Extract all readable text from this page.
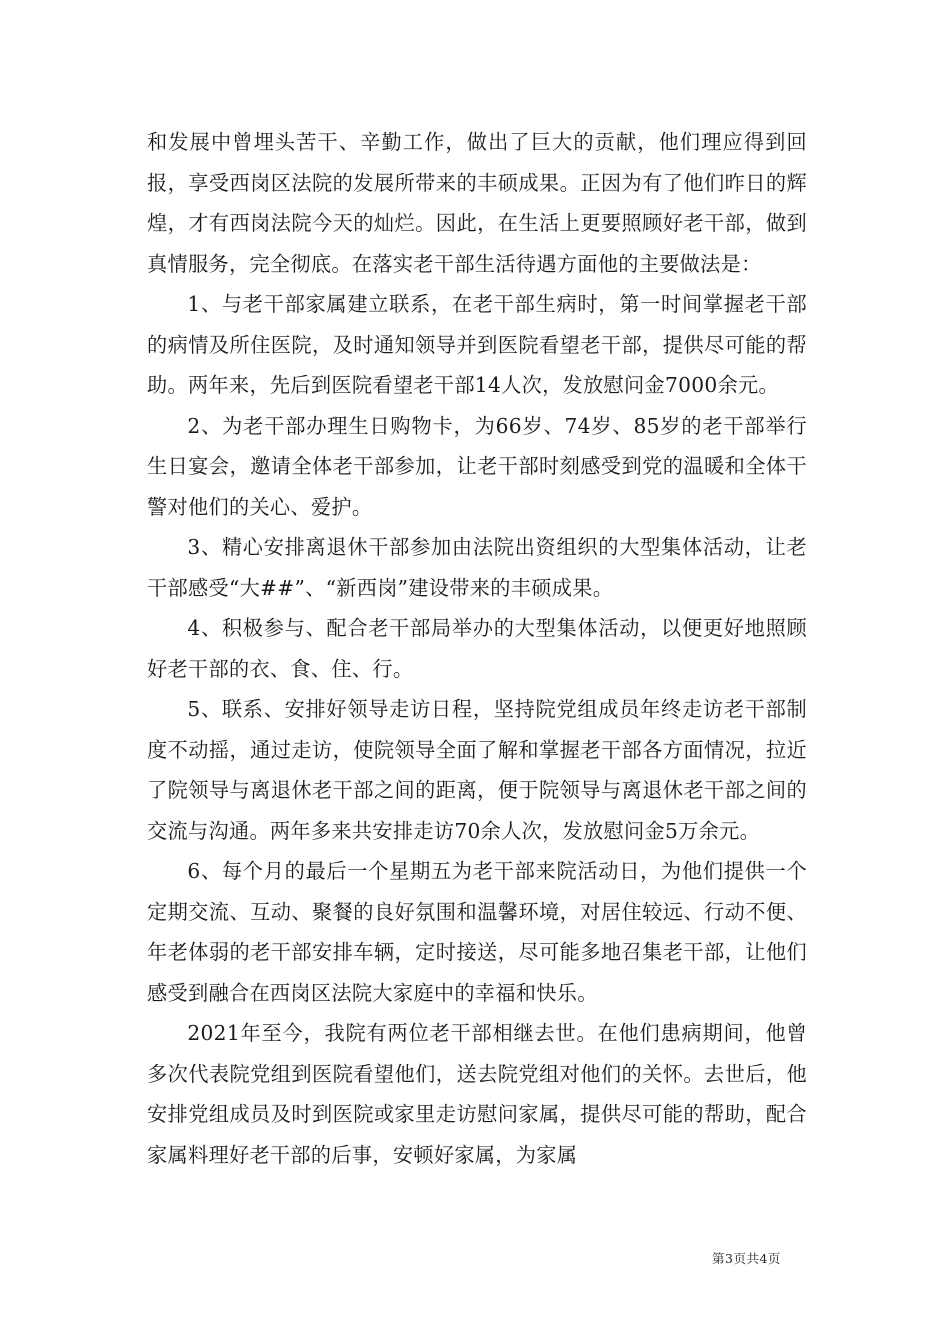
和发展中曾埋头苦干、辛勤工作，做出了巨大的贡献，他们理应得到回报，享受西岗区法院的发展所带来的丰硕成果。正因为有了他们昨日的辉煌，才有西岗法院今天的灿烂。因此，在生活上更要照顾好老干部，做到真情服务，完全彻底。在落实老干部生活待遇方面他的主要做法是：

1、与老干部家属建立联系，在老干部生病时，第一时间掌握老干部的病情及所住医院，及时通知领导并到医院看望老干部，提供尽可能的帮助。两年来，先后到医院看望老干部14人次，发放慰问金7000余元。

2、为老干部办理生日购物卡，为66岁、74岁、85岁的老干部举行生日宴会，邀请全体老干部参加，让老干部时刻感受到党的温暖和全体干警对他们的关心、爱护。

3、精心安排离退休干部参加由法院出资组织的大型集体活动，让老干部感受“大##”、“新西岗”建设带来的丰硕成果。

4、积极参与、配合老干部局举办的大型集体活动，以便更好地照顾好老干部的衣、食、住、行。

5、联系、安排好领导走访日程，坚持院党组成员年终走访老干部制度不动摇，通过走访，使院领导全面了解和掌握老干部各方面情况，拉近了院领导与离退休老干部之间的距离，便于院领导与离退休老干部之间的交流与沟通。两年多来共安排走访70余人次，发放慰问金5万余元。

6、每个月的最后一个星期五为老干部来院活动日，为他们提供一个定期交流、互动、聚餐的良好氛围和温馨环境，对居住较远、行动不便、年老体弱的老干部安排车辆，定时接送，尽可能多地召集老干部，让他们感受到融合在西岗区法院大家庭中的幸福和快乐。

2021年至今，我院有两位老干部相继去世。在他们患病期间，他曾多次代表院党组到医院看望他们，送去院党组对他们的关怀。去世后，他安排党组成员及时到医院或家里走访慰问家属，提供尽可能的帮助，配合家属料理好老干部的后事，安顿好家属，为家属

第3页共4页
